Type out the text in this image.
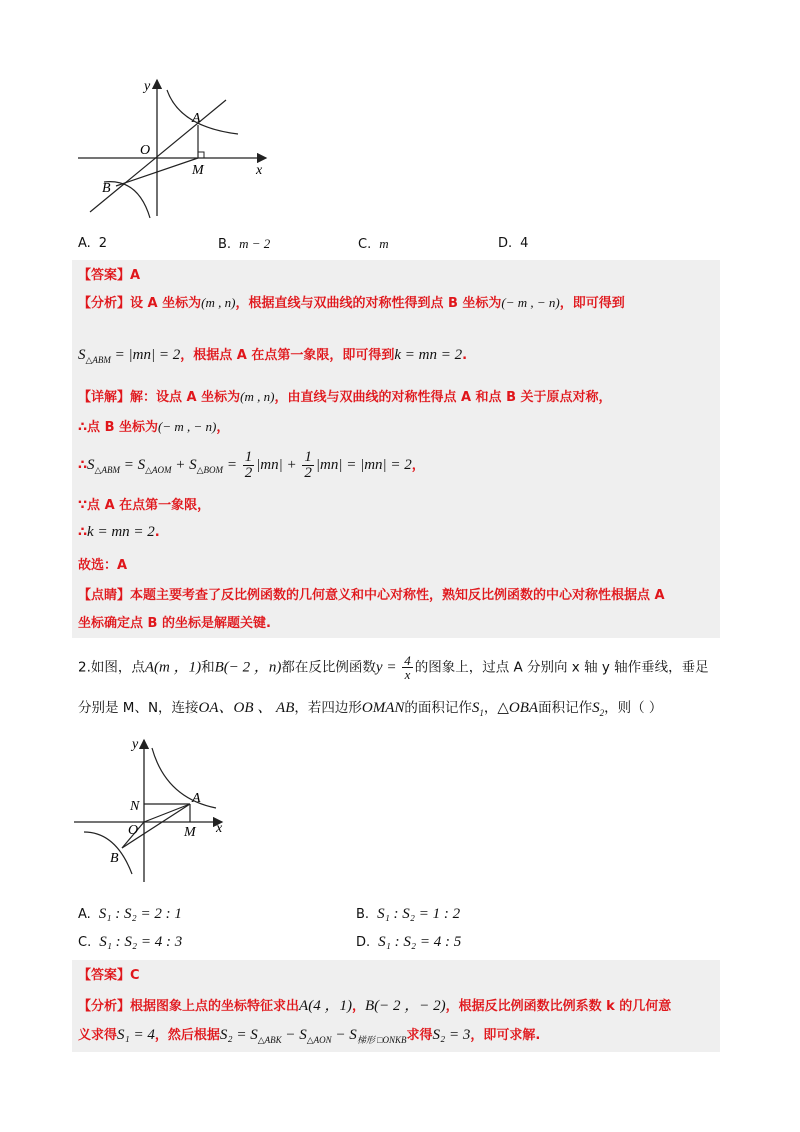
y
x
O
A
B
M
A. 2	B. m − 2	C. m	D. 4
【答案】A
【分析】设 A 坐标为(m , n)，根据直线与双曲线的对称性得到点 B 坐标为(− m , − n)，即可得到
$S_{\triangle ABM} = |mn| = 2$，根据点 A 在点第一象限，即可得到k = mn = 2.
【详解】解：设点 A 坐标为(m , n)，由直线与双曲线的对称性得点 A 和点 B 关于原点对称，
∴点 B 坐标为(− m , − n)，
$\therefore S_{\triangle ABM} = S_{\triangle AOM} + S_{\triangle BOM} = \frac{1}{2} |mn| + \frac{1}{2} |mn| = |mn| = 2$，
∵点 A 在点第一象限，
∴k = mn = 2.
故选：A
【点睛】本题主要考查了反比例函数的几何意义和中心对称性，熟知反比例函数的中心对称性根据点 A
坐标确定点 B 的坐标是解题关键.
2.如图，点A(m ，1)和B(− 2 ，n)都在反比例函数$y = \frac{4}{x}$ 的图象上，过点 A 分别向 x 轴 y 轴作垂线，垂足
分别是 M、N，连接OA、OB 、 AB，若四边形OMAN的面积记作$S_1$，△OBA面积记作$S_2$，则（ ）
y
x
O
N
A
B
M
A. S₁ : S₂ = 2 : 1	B. S₁ : S₂ = 1 : 2
C. S₁ : S₂ = 4 : 3	D. S₁ : S₂ = 4 : 5
【答案】C
【分析】根据图象上点的坐标特征求出A(4 ，1)，B(− 2 ，− 2)，根据反比例函数比例系数 k 的几何意
义求得S₁ = 4，然后根据$S_2 = S_{\triangle ABK} - S_{\triangle AON} - S_{梯形 □ONKB}$求得S₂ = 3，即可求解.
